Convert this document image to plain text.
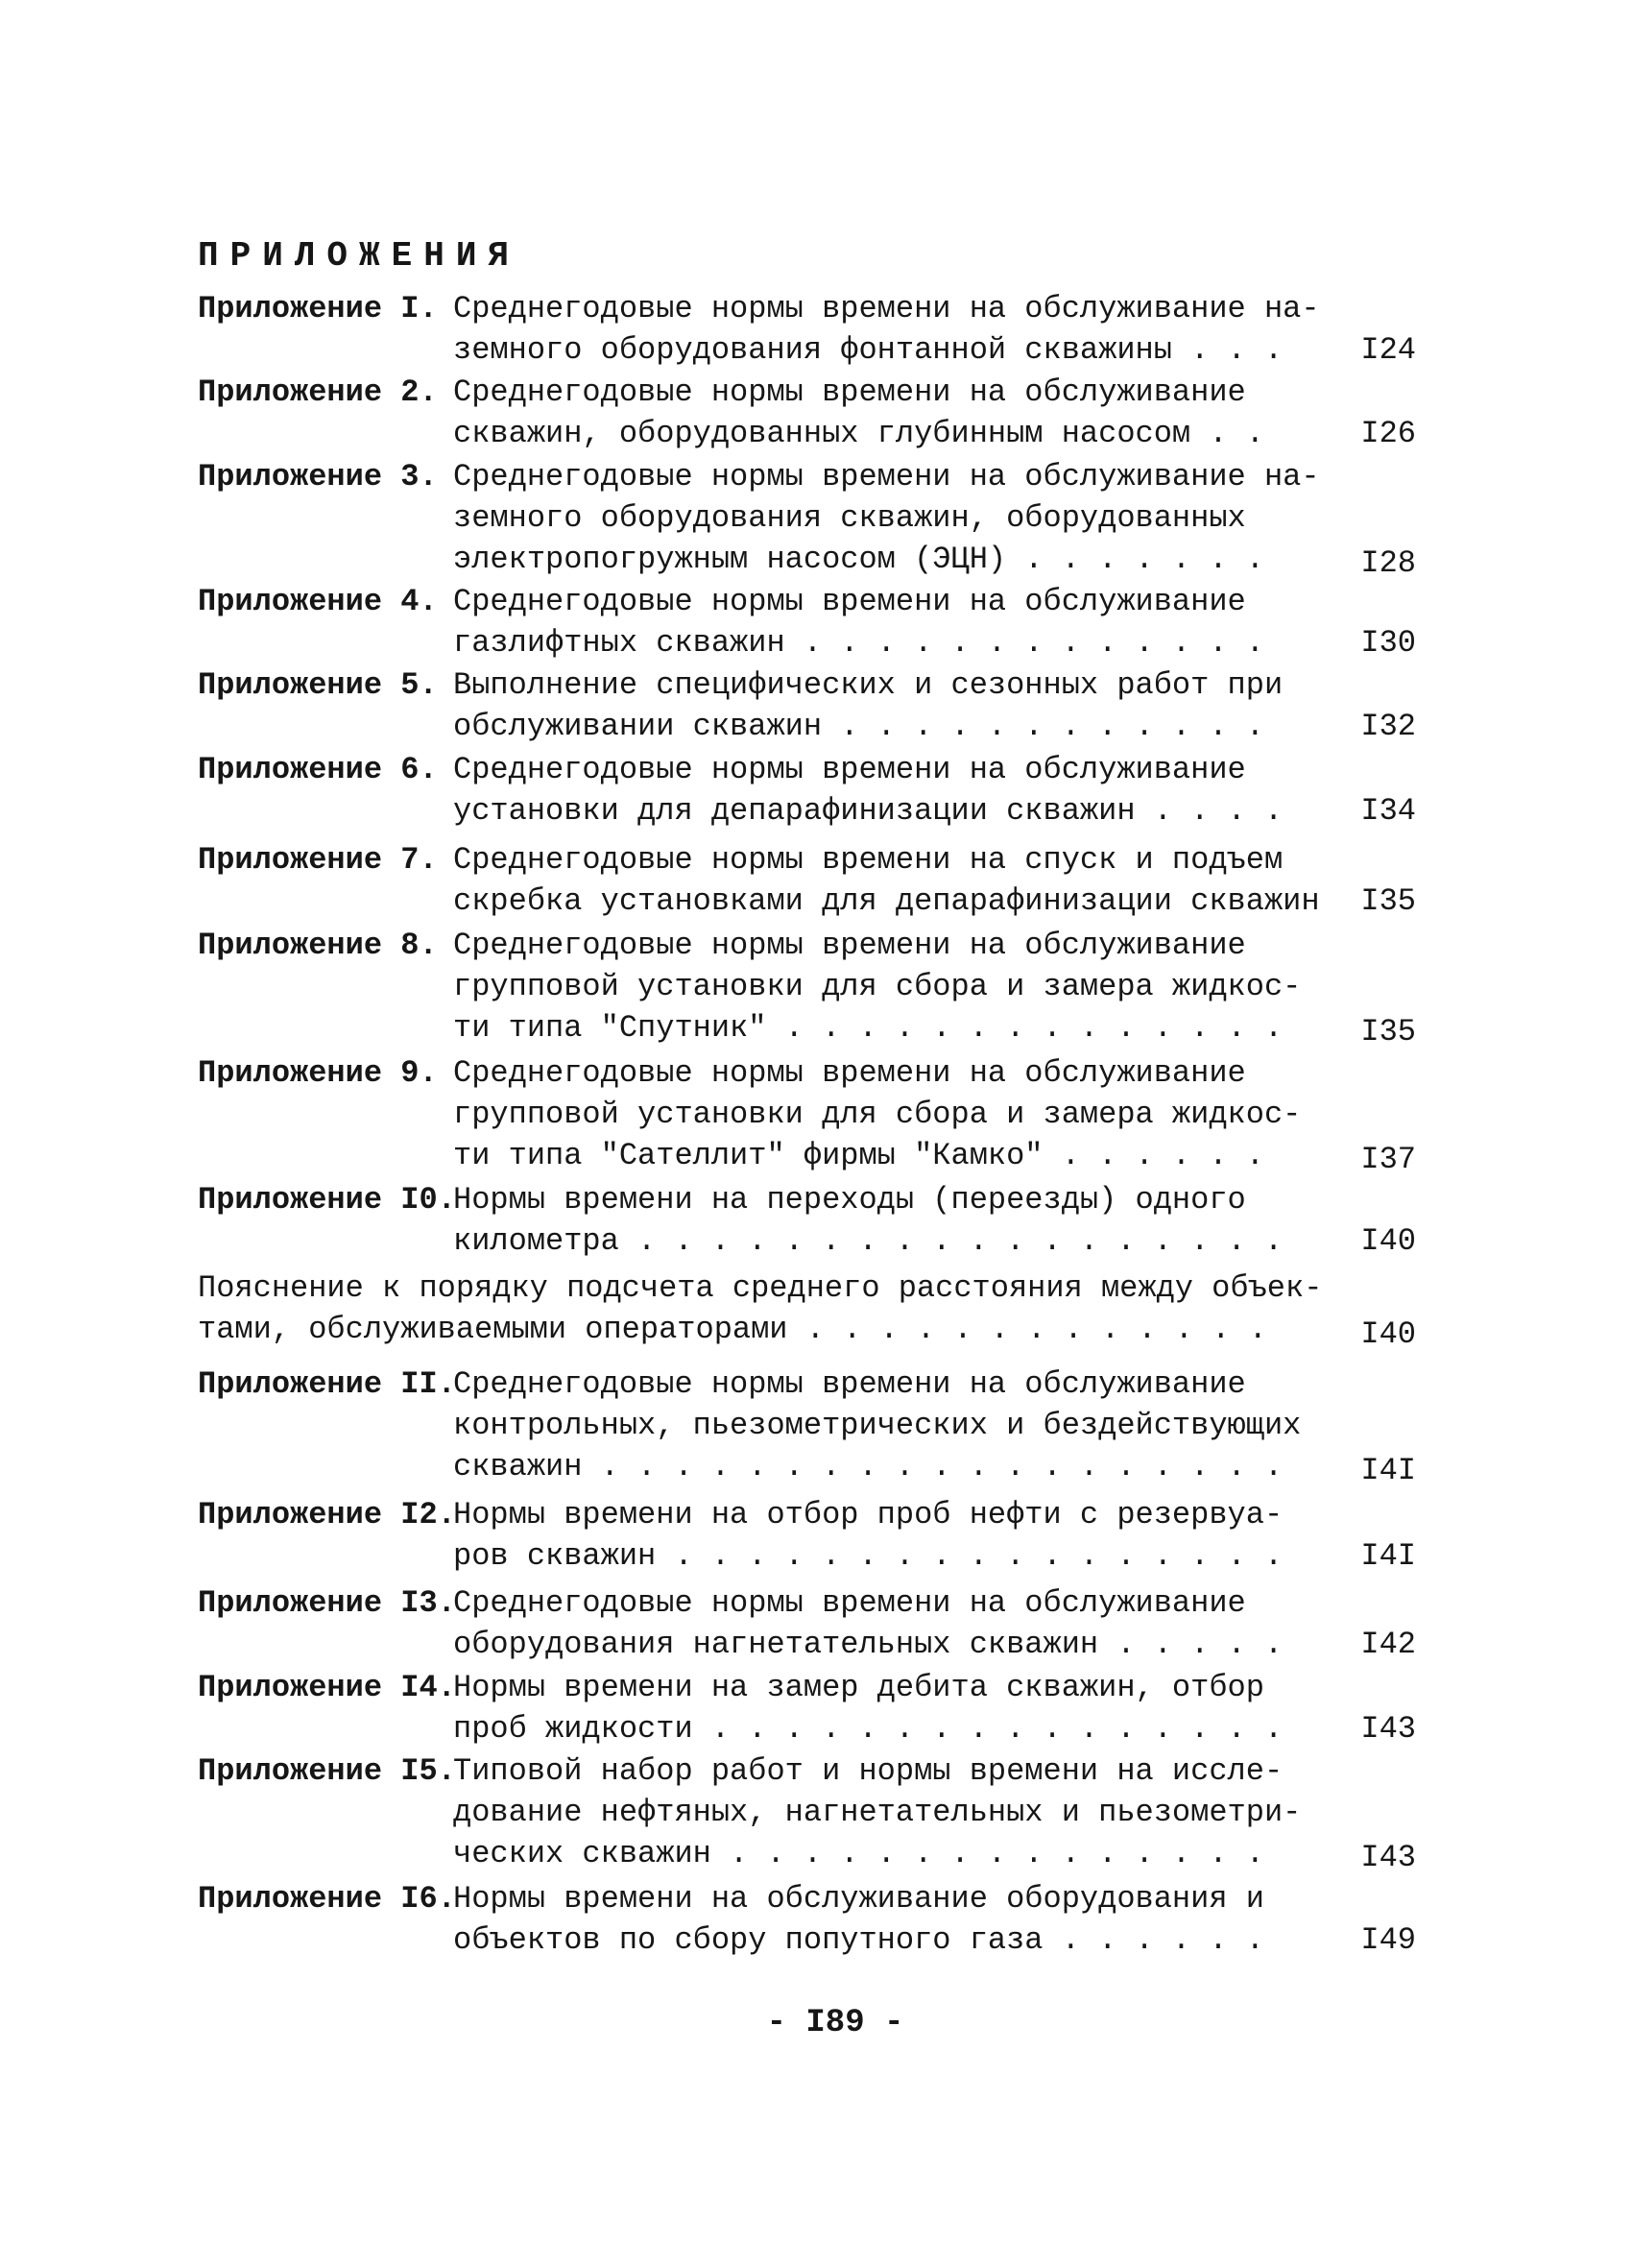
ПРИЛОЖЕНИЯ
Приложение I. Среднегодовые нормы времени на обслуживание на-
земного оборудования фонтанной скважины . . .	I24
Приложение 2. Среднегодовые нормы времени на обслуживание
скважин, оборудованных глубинным насосом . .	I26
Приложение 3. Среднегодовые нормы времени на обслуживание на-
земного оборудования скважин, оборудованных
электропогружным насосом (ЭЦН) . . . . . . .	I28
Приложение 4. Среднегодовые нормы времени на обслуживание
газлифтных скважин . . . . . . . . . . . . .	I30
Приложение 5. Выполнение специфических и сезонных работ при
обслуживании скважин . . . . . . . . . . . .	I32
Приложение 6. Среднегодовые нормы времени на обслуживание
установки для депарафинизации скважин . . . .	I34
Приложение 7. Среднегодовые нормы времени на спуск и подъем
скребка установками для депарафинизации скважин	I35
Приложение 8. Среднегодовые нормы времени на обслуживание
групповой установки для сбора и замера жидкос-
ти типа "Спутник" . . . . . . . . . . . . . .	I35
Приложение 9. Среднегодовые нормы времени на обслуживание
групповой установки для сбора и замера жидкос-
ти типа "Сателлит" фирмы "Камко" . . . . . .	I37
Приложение I0.
Нормы времени на переходы (переезды) одного
километра . . . . . . . . . . . . . . . . . .	I40
Пояснение к порядку подсчета среднего расстояния между объек-
тами, обслуживаемыми операторами . . . . . . . . . . . . .	I40
Приложение II.
Среднегодовые нормы времени на обслуживание
контрольных, пьезометрических и бездействующих
скважин . . . . . . . . . . . . . . . . . . .	I4I
Приложение I2.
Нормы времени на отбор проб нефти с резервуа-
ров скважин . . . . . . . . . . . . . . . . .	I4I
Приложение I3.
Среднегодовые нормы времени на обслуживание
оборудования нагнетательных скважин . . . . .	I42
Приложение I4.
Нормы времени на замер дебита скважин, отбор
проб жидкости . . . . . . . . . . . . . . . .	I43
Приложение I5.
Типовой набор работ и нормы времени на иссле-
дование нефтяных, нагнетательных и пьезометри-
ческих скважин . . . . . . . . . . . . . . .	I43
Приложение I6.
Нормы времени на обслуживание оборудования и
объектов по сбору попутного газа . . . . . .	I49
- I89 -
